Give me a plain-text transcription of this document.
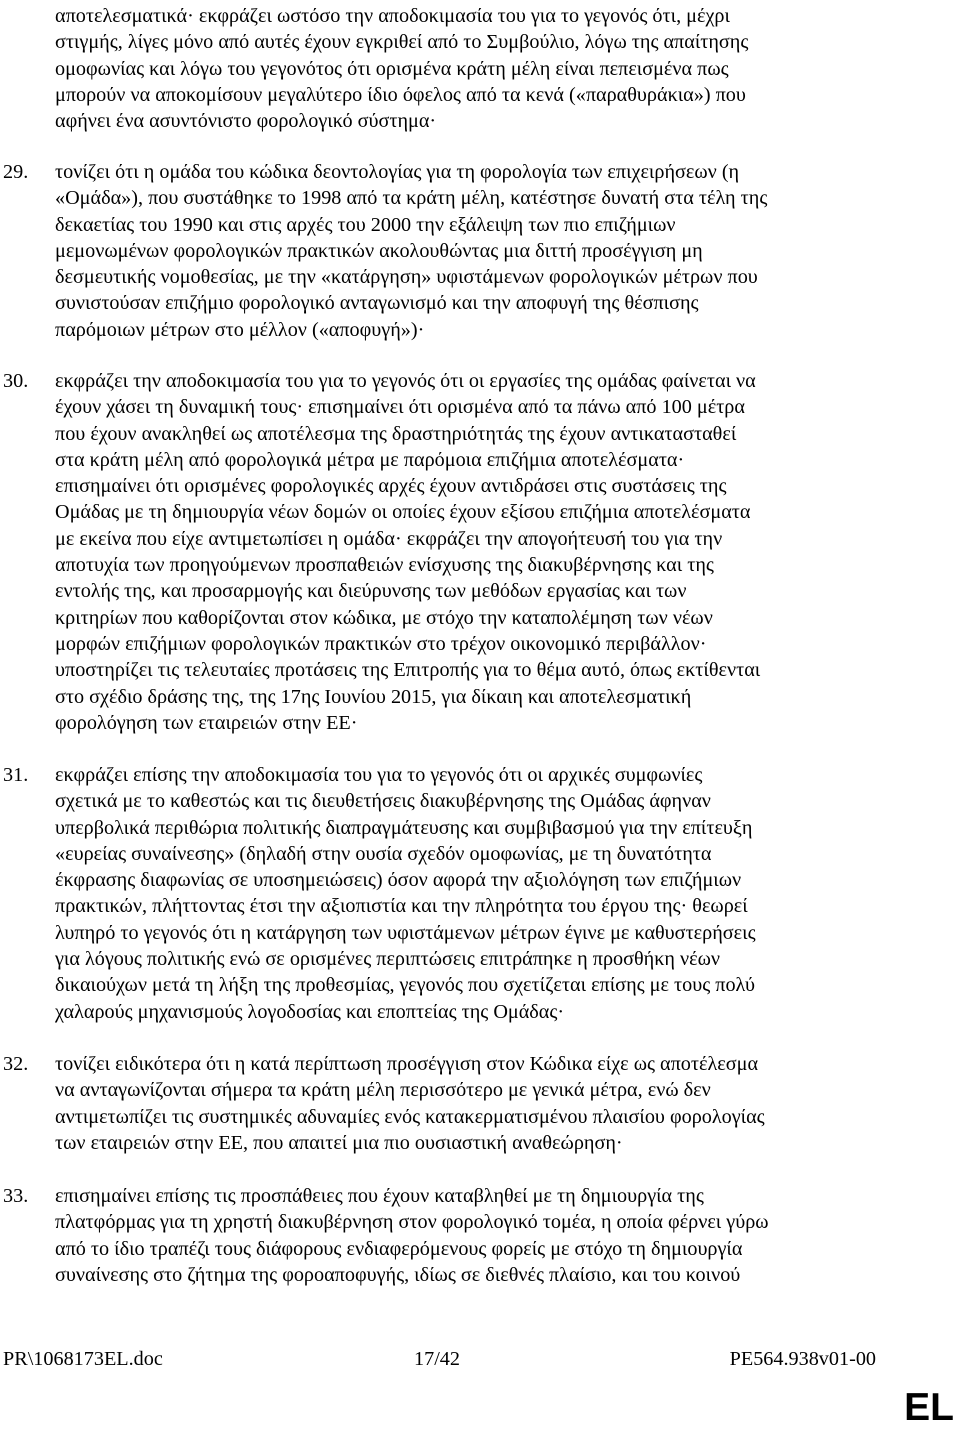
αποτελεσματικά· εκφράζει ωστόσο την αποδοκιμασία του για το γεγονός ότι, μέχρι
στιγμής, λίγες μόνο από αυτές έχουν εγκριθεί από το Συμβούλιο, λόγω της απαίτησης
ομοφωνίας και λόγω του γεγονότος ότι ορισμένα κράτη μέλη είναι πεπεισμένα πως
μπορούν να αποκομίσουν μεγαλύτερο ίδιο όφελος από τα κενά («παραθυράκια») που
αφήνει ένα ασυντόνιστο φορολογικό σύστημα·
29. τονίζει ότι η ομάδα του κώδικα δεοντολογίας για τη φορολογία των επιχειρήσεων (η
«Ομάδα»), που συστάθηκε το 1998 από τα κράτη μέλη, κατέστησε δυνατή στα τέλη της
δεκαετίας του 1990 και στις αρχές του 2000 την εξάλειψη των πιο επιζήμιων
μεμονωμένων φορολογικών πρακτικών ακολουθώντας μια διττή προσέγγιση μη
δεσμευτικής νομοθεσίας, με την «κατάργηση» υφιστάμενων φορολογικών μέτρων που
συνιστούσαν επιζήμιο φορολογικό ανταγωνισμό και την αποφυγή της θέσπισης
παρόμοιων μέτρων στο μέλλον («αποφυγή»)·
30. εκφράζει την αποδοκιμασία του για το γεγονός ότι οι εργασίες της ομάδας φαίνεται να
έχουν χάσει τη δυναμική τους· επισημαίνει ότι ορισμένα από τα πάνω από 100 μέτρα
που έχουν ανακληθεί ως αποτέλεσμα της δραστηριότητάς της έχουν αντικατασταθεί
στα κράτη μέλη από φορολογικά μέτρα με παρόμοια επιζήμια αποτελέσματα·
επισημαίνει ότι ορισμένες φορολογικές αρχές έχουν αντιδράσει στις συστάσεις της
Ομάδας με τη δημιουργία νέων δομών οι οποίες έχουν εξίσου επιζήμια αποτελέσματα
με εκείνα που είχε αντιμετωπίσει η ομάδα· εκφράζει την απογοήτευσή του για την
αποτυχία των προηγούμενων προσπαθειών ενίσχυσης της διακυβέρνησης και της
εντολής της, και προσαρμογής και διεύρυνσης των μεθόδων εργασίας και των
κριτηρίων που καθορίζονται στον κώδικα, με στόχο την καταπολέμηση των νέων
μορφών επιζήμιων φορολογικών πρακτικών στο τρέχον οικονομικό περιβάλλον·
υποστηρίζει τις τελευταίες προτάσεις της Επιτροπής για το θέμα αυτό, όπως εκτίθενται
στο σχέδιο δράσης της, της 17ης Ιουνίου 2015, για δίκαιη και αποτελεσματική
φορολόγηση των εταιρειών στην ΕΕ·
31. εκφράζει επίσης την αποδοκιμασία του για το γεγονός ότι οι αρχικές συμφωνίες
σχετικά με το καθεστώς και τις διευθετήσεις διακυβέρνησης της Ομάδας άφηναν
υπερβολικά περιθώρια πολιτικής διαπραγμάτευσης και συμβιβασμού για την επίτευξη
«ευρείας συναίνεσης» (δηλαδή στην ουσία σχεδόν ομοφωνίας, με τη δυνατότητα
έκφρασης διαφωνίας σε υποσημειώσεις) όσον αφορά την αξιολόγηση των επιζήμιων
πρακτικών, πλήττοντας έτσι την αξιοπιστία και την πληρότητα του έργου της· θεωρεί
λυπηρό το γεγονός ότι η κατάργηση των υφιστάμενων μέτρων έγινε με καθυστερήσεις
για λόγους πολιτικής ενώ σε ορισμένες περιπτώσεις επιτράπηκε η προσθήκη νέων
δικαιούχων μετά τη λήξη της προθεσμίας, γεγονός που σχετίζεται επίσης με τους πολύ
χαλαρούς μηχανισμούς λογοδοσίας και εποπτείας της Ομάδας·
32. τονίζει ειδικότερα ότι η κατά περίπτωση προσέγγιση στον Κώδικα είχε ως αποτέλεσμα
να ανταγωνίζονται σήμερα τα κράτη μέλη περισσότερο με γενικά μέτρα, ενώ δεν
αντιμετωπίζει τις συστημικές αδυναμίες ενός κατακερματισμένου πλαισίου φορολογίας
των εταιρειών στην ΕΕ, που απαιτεί μια πιο ουσιαστική αναθεώρηση·
33. επισημαίνει επίσης τις προσπάθειες που έχουν καταβληθεί με τη δημιουργία της
πλατφόρμας για τη χρηστή διακυβέρνηση στον φορολογικό τομέα, η οποία φέρνει γύρω
από το ίδιο τραπέζι τους διάφορους ενδιαφερόμενους φορείς με στόχο τη δημιουργία
συναίνεσης στο ζήτημα της φοροαποφυγής, ιδίως σε διεθνές πλαίσιο, και του κοινού
PR\1068173EL.doc	17/42	PE564.938v01-00
EL
